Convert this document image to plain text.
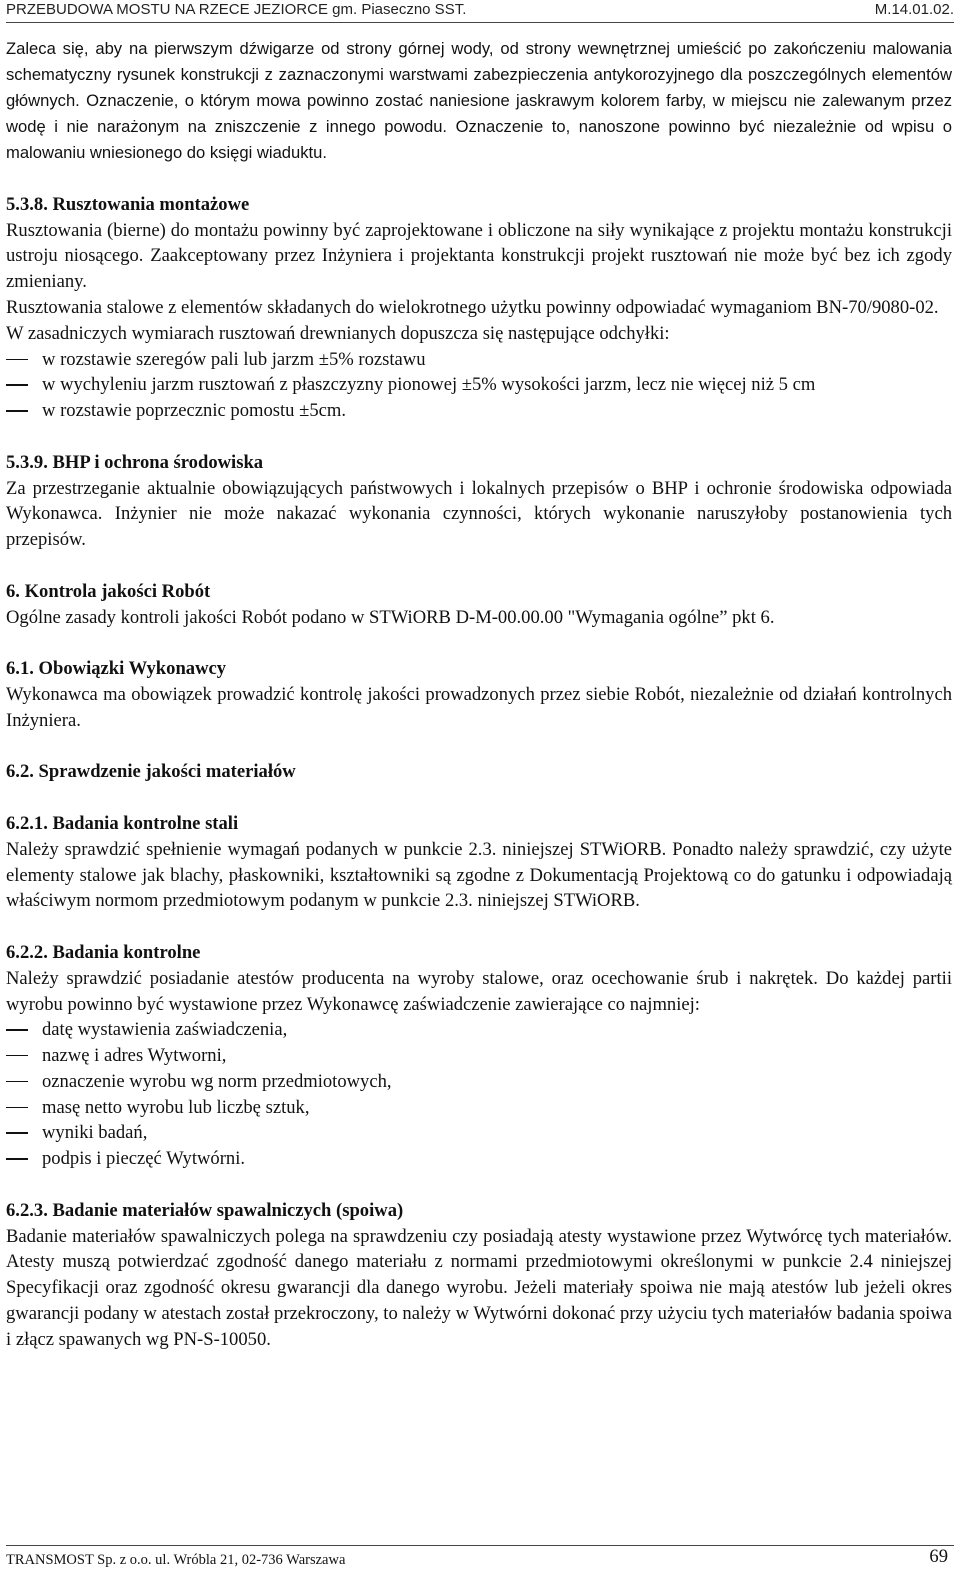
PRZEBUDOWA MOSTU NA RZECE JEZIORCE gm. Piaseczno SST.	M.14.01.02.

Zaleca się, aby na pierwszym dźwigarze od strony górnej wody, od strony wewnętrznej umieścić po zakończeniu malowania schematyczny rysunek konstrukcji z zaznaczonymi warstwami zabezpieczenia antykorozyjnego dla poszczególnych elementów głównych. Oznaczenie, o którym mowa powinno zostać naniesione jaskrawym kolorem farby, w miejscu nie zalewanym przez wodę i nie narażonym na zniszczenie z innego powodu. Oznaczenie to, nanoszone powinno być niezależnie od wpisu o malowaniu wniesionego do księgi wiaduktu.

5.3.8. Rusztowania montażowe

Rusztowania (bierne) do montażu powinny być zaprojektowane i obliczone na siły wynikające z projektu montażu konstrukcji ustroju niosącego. Zaakceptowany przez Inżyniera i projektanta konstrukcji projekt rusztowań nie może być bez ich zgody zmieniany.

Rusztowania stalowe z elementów składanych do wielokrotnego użytku powinny odpowiadać wymaganiom BN-70/9080-02.

W zasadniczych wymiarach rusztowań drewnianych dopuszcza się następujące odchyłki:

w rozstawie szeregów pali lub jarzm ±5% rozstawu
w wychyleniu jarzm rusztowań z płaszczyzny pionowej ±5% wysokości jarzm, lecz nie więcej niż 5 cm
w rozstawie poprzecznic pomostu ±5cm.

5.3.9. BHP i ochrona środowiska

Za przestrzeganie aktualnie obowiązujących państwowych i lokalnych przepisów o BHP i ochronie środowiska odpowiada Wykonawca. Inżynier nie może nakazać wykonania czynności, których wykonanie naruszyłoby postanowienia tych przepisów.

6. Kontrola jakości Robót

Ogólne zasady kontroli jakości Robót podano w STWiORB D-M-00.00.00 "Wymagania ogólne” pkt 6.

6.1. Obowiązki Wykonawcy

Wykonawca ma obowiązek prowadzić kontrolę jakości prowadzonych przez siebie Robót, niezależnie od działań kontrolnych Inżyniera.

6.2. Sprawdzenie jakości materiałów

6.2.1. Badania kontrolne stali

Należy sprawdzić spełnienie wymagań podanych w punkcie 2.3. niniejszej STWiORB. Ponadto należy sprawdzić, czy użyte elementy stalowe jak blachy, płaskowniki, kształtowniki są zgodne z Dokumentacją Projektową co do gatunku i odpowiadają właściwym normom przedmiotowym podanym w punkcie 2.3. niniejszej STWiORB.

6.2.2. Badania kontrolne

Należy sprawdzić posiadanie atestów producenta na wyroby stalowe, oraz ocechowanie śrub i nakrętek. Do każdej partii wyrobu powinno być wystawione przez Wykonawcę zaświadczenie zawierające co najmniej:

datę wystawienia zaświadczenia,
nazwę i adres Wytworni,
oznaczenie wyrobu wg norm przedmiotowych,
masę netto wyrobu lub liczbę sztuk,
wyniki badań,
podpis i pieczęć Wytwórni.

6.2.3. Badanie materiałów spawalniczych (spoiwa)

Badanie materiałów spawalniczych polega na sprawdzeniu czy posiadają atesty wystawione przez Wytwórcę tych materiałów. Atesty muszą potwierdzać zgodność danego materiału z normami przedmiotowymi określonymi w punkcie 2.4 niniejszej Specyfikacji oraz zgodność okresu gwarancji dla danego wyrobu. Jeżeli materiały spoiwa nie mają atestów lub jeżeli okres gwarancji podany w atestach został przekroczony, to należy w Wytwórni dokonać przy użyciu tych materiałów badania spoiwa i złącz spawanych wg PN-S-10050.

TRANSMOST Sp. z o.o. ul. Wróbla 21, 02-736 Warszawa	69
